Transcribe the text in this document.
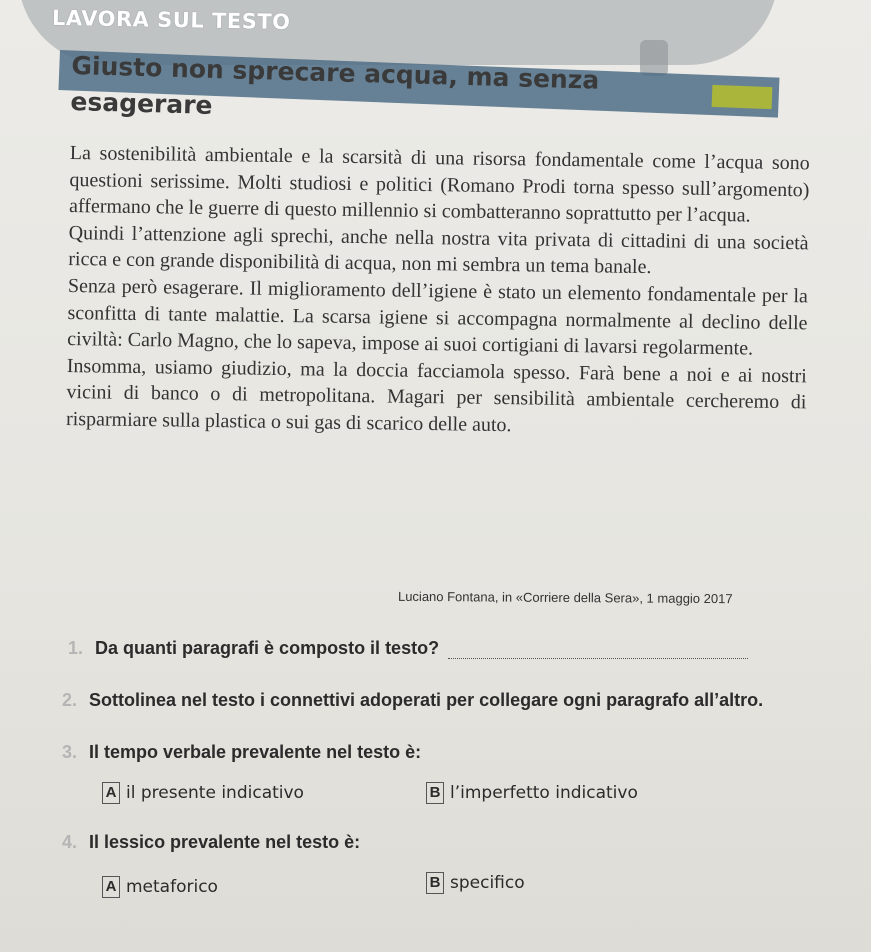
LAVORA SUL TESTO
Giusto non sprecare acqua, ma senza esagerare

La sostenibilità ambientale e la scarsità di una risorsa fondamentale come l’acqua sono questioni serissime. Molti studiosi e politici (Romano Prodi torna spesso sull’argomento) affermano che le guerre di questo millennio si combatteranno soprattutto per l’acqua.

Quindi l’attenzione agli sprechi, anche nella nostra vita privata di cittadini di una società ricca e con grande disponibilità di acqua, non mi sembra un tema banale.

Senza però esagerare. Il miglioramento dell’igiene è stato un elemento fondamentale per la sconfitta di tante malattie. La scarsa igiene si accompagna normalmente al declino delle civiltà: Carlo Magno, che lo sapeva, impose ai suoi cortigiani di lavarsi regolarmente.

Insomma, usiamo giudizio, ma la doccia facciamola spesso. Farà bene a noi e ai nostri vicini di banco o di metropolitana. Magari per sensibilità ambientale cercheremo di risparmiare sulla plastica o sui gas di scarico delle auto.

Luciano Fontana, in «Corriere della Sera», 1 maggio 2017
1. Da quanti paragrafi è composto il testo?
2. Sottolinea nel testo i connettivi adoperati per collegare ogni paragrafo all’altro.
3. Il tempo verbale prevalente nel testo è:
A il presente indicativo	B l’imperfetto indicativo
4. Il lessico prevalente nel testo è:
A metaforico	B specifico
